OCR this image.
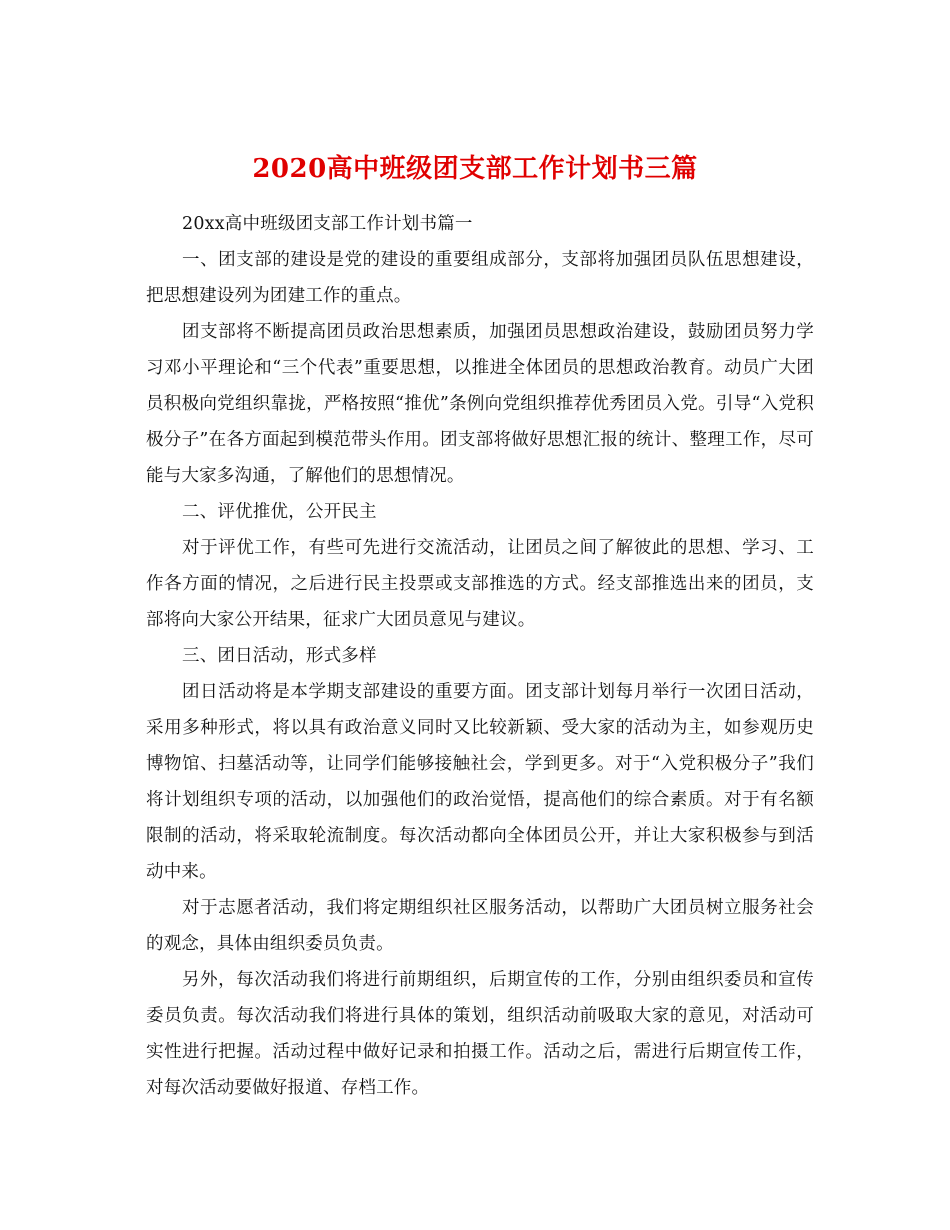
2020高中班级团支部工作计划书三篇

20xx高中班级团支部工作计划书篇一

一、团支部的建设是党的建设的重要组成部分，支部将加强团员队伍思想建设，把思想建设列为团建工作的重点。

团支部将不断提高团员政治思想素质，加强团员思想政治建设，鼓励团员努力学习邓小平理论和“三个代表”重要思想，以推进全体团员的思想政治教育。动员广大团员积极向党组织靠拢，严格按照“推优”条例向党组织推荐优秀团员入党。引导“入党积极分子”在各方面起到模范带头作用。团支部将做好思想汇报的统计、整理工作，尽可能与大家多沟通，了解他们的思想情况。

二、评优推优，公开民主

对于评优工作，有些可先进行交流活动，让团员之间了解彼此的思想、学习、工作各方面的情况，之后进行民主投票或支部推选的方式。经支部推选出来的团员，支部将向大家公开结果，征求广大团员意见与建议。

三、团日活动，形式多样

团日活动将是本学期支部建设的重要方面。团支部计划每月举行一次团日活动，采用多种形式，将以具有政治意义同时又比较新颖、受大家的活动为主，如参观历史博物馆、扫墓活动等，让同学们能够接触社会，学到更多。对于“入党积极分子”我们将计划组织专项的活动，以加强他们的政治觉悟，提高他们的综合素质。对于有名额限制的活动，将采取轮流制度。每次活动都向全体团员公开，并让大家积极参与到活动中来。

对于志愿者活动，我们将定期组织社区服务活动，以帮助广大团员树立服务社会的观念，具体由组织委员负责。

另外，每次活动我们将进行前期组织，后期宣传的工作，分别由组织委员和宣传委员负责。每次活动我们将进行具体的策划，组织活动前吸取大家的意见，对活动可实性进行把握。活动过程中做好记录和拍摄工作。活动之后，需进行后期宣传工作，对每次活动要做好报道、存档工作。
